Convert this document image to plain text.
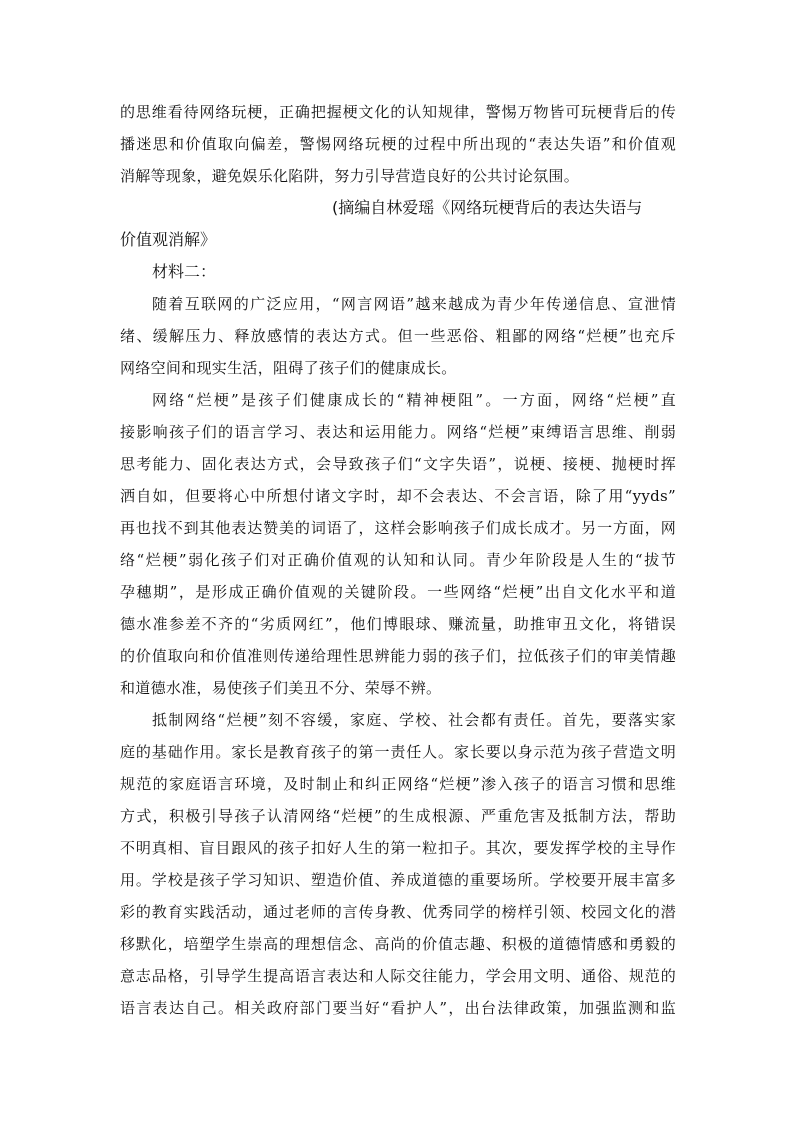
的思维看待网络玩梗，正确把握梗文化的认知规律，警惕万物皆可玩梗背后的传
播迷思和价值取向偏差，警惕网络玩梗的过程中所出现的“表达失语”和价值观
消解等现象，避免娱乐化陷阱，努力引导营造良好的公共讨论氛围。
(摘编自林爱瑶《网络玩梗背后的表达失语与
价值观消解》
材料二：
随着互联网的广泛应用，“网言网语”越来越成为青少年传递信息、宣泄情
绪、缓解压力、释放感情的表达方式。但一些恶俗、粗鄙的网络“烂梗”也充斥
网络空间和现实生活，阻碍了孩子们的健康成长。
网络“烂梗”是孩子们健康成长的“精神梗阻”。一方面，网络“烂梗”直
接影响孩子们的语言学习、表达和运用能力。网络“烂梗”束缚语言思维、削弱
思考能力、固化表达方式，会导致孩子们“文字失语”，说梗、接梗、抛梗时挥
洒自如，但要将心中所想付诸文字时，却不会表达、不会言语，除了用“yyds”
再也找不到其他表达赞美的词语了，这样会影响孩子们成长成才。另一方面，网
络“烂梗”弱化孩子们对正确价值观的认知和认同。青少年阶段是人生的“拔节
孕穗期”，是形成正确价值观的关键阶段。一些网络“烂梗”出自文化水平和道
德水准参差不齐的“劣质网红”，他们博眼球、赚流量，助推审丑文化，将错误
的价值取向和价值准则传递给理性思辨能力弱的孩子们，拉低孩子们的审美情趣
和道德水准，易使孩子们美丑不分、荣辱不辨。
抵制网络“烂梗”刻不容缓，家庭、学校、社会都有责任。首先，要落实家
庭的基础作用。家长是教育孩子的第一责任人。家长要以身示范为孩子营造文明
规范的家庭语言环境，及时制止和纠正网络“烂梗”渗入孩子的语言习惯和思维
方式，积极引导孩子认清网络“烂梗”的生成根源、严重危害及抵制方法，帮助
不明真相、盲目跟风的孩子扣好人生的第一粒扣子。其次，要发挥学校的主导作
用。学校是孩子学习知识、塑造价值、养成道德的重要场所。学校要开展丰富多
彩的教育实践活动，通过老师的言传身教、优秀同学的榜样引领、校园文化的潜
移默化，培塑学生崇高的理想信念、高尚的价值志趣、积极的道德情感和勇毅的
意志品格，引导学生提高语言表达和人际交往能力，学会用文明、通俗、规范的
语言表达自己。相关政府部门要当好“看护人”，出台法律政策，加强监测和监
